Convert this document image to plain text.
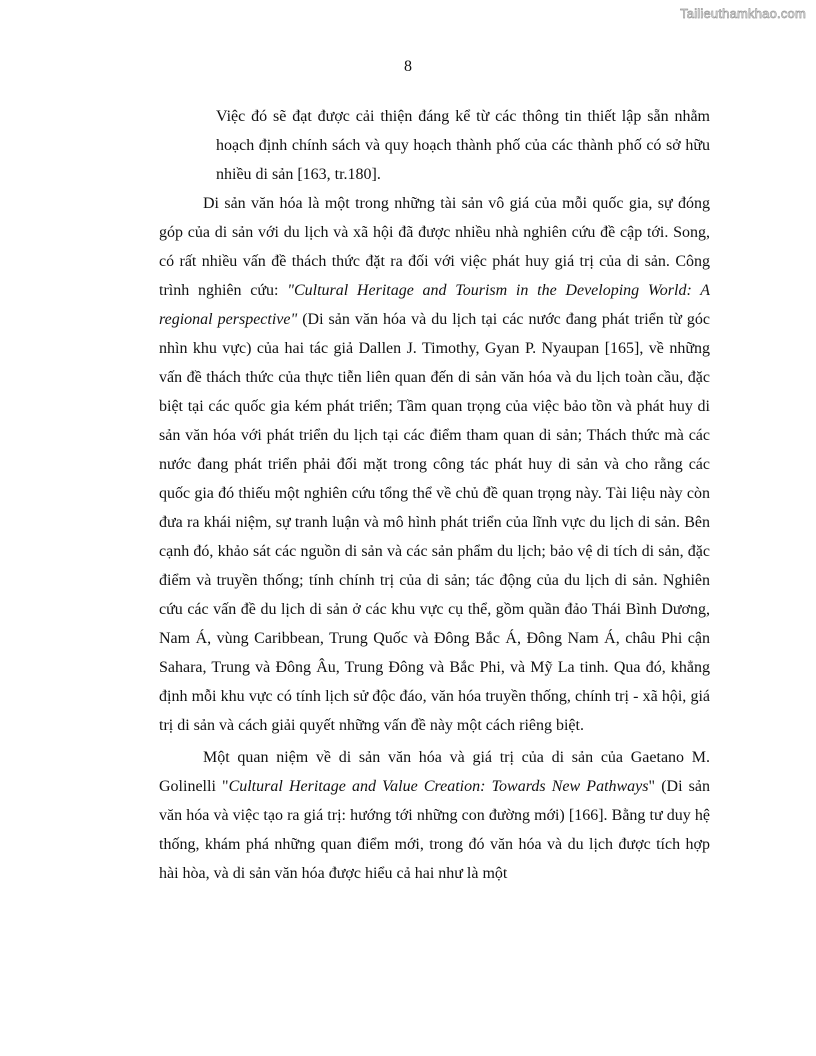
Tailieuthamkhao.com
8
Việc đó sẽ đạt được cải thiện đáng kể từ các thông tin thiết lập sẵn nhằm hoạch định chính sách và quy hoạch thành phố của các thành phố có sở hữu nhiều di sản [163, tr.180].

Di sản văn hóa là một trong những tài sản vô giá của mỗi quốc gia, sự đóng góp của di sản với du lịch và xã hội đã được nhiều nhà nghiên cứu đề cập tới. Song, có rất nhiều vấn đề thách thức đặt ra đối với việc phát huy giá trị của di sản. Công trình nghiên cứu: "Cultural Heritage and Tourism in the Developing World: A regional perspective" (Di sản văn hóa và du lịch tại các nước đang phát triển từ góc nhìn khu vực) của hai tác giả Dallen J. Timothy, Gyan P. Nyaupan [165], về những vấn đề thách thức của thực tiễn liên quan đến di sản văn hóa và du lịch toàn cầu, đặc biệt tại các quốc gia kém phát triển; Tầm quan trọng của việc bảo tồn và phát huy di sản văn hóa với phát triển du lịch tại các điểm tham quan di sản; Thách thức mà các nước đang phát triển phải đối mặt trong công tác phát huy di sản và cho rằng các quốc gia đó thiếu một nghiên cứu tổng thể về chủ đề quan trọng này. Tài liệu này còn đưa ra khái niệm, sự tranh luận và mô hình phát triển của lĩnh vực du lịch di sản. Bên cạnh đó, khảo sát các nguồn di sản và các sản phẩm du lịch; bảo vệ di tích di sản, đặc điểm và truyền thống; tính chính trị của di sản; tác động của du lịch di sản. Nghiên cứu các vấn đề du lịch di sản ở các khu vực cụ thể, gồm quần đảo Thái Bình Dương, Nam Á, vùng Caribbean, Trung Quốc và Đông Bắc Á, Đông Nam Á, châu Phi cận Sahara, Trung và Đông Âu, Trung Đông và Bắc Phi, và Mỹ La tinh. Qua đó, khẳng định mỗi khu vực có tính lịch sử độc đáo, văn hóa truyền thống, chính trị - xã hội, giá trị di sản và cách giải quyết những vấn đề này một cách riêng biệt.

Một quan niệm về di sản văn hóa và giá trị của di sản của Gaetano M. Golinelli "Cultural Heritage and Value Creation: Towards New Pathways" (Di sản văn hóa và việc tạo ra giá trị: hướng tới những con đường mới) [166]. Bằng tư duy hệ thống, khám phá những quan điểm mới, trong đó văn hóa và du lịch được tích hợp hài hòa, và di sản văn hóa được hiểu cả hai như là một
